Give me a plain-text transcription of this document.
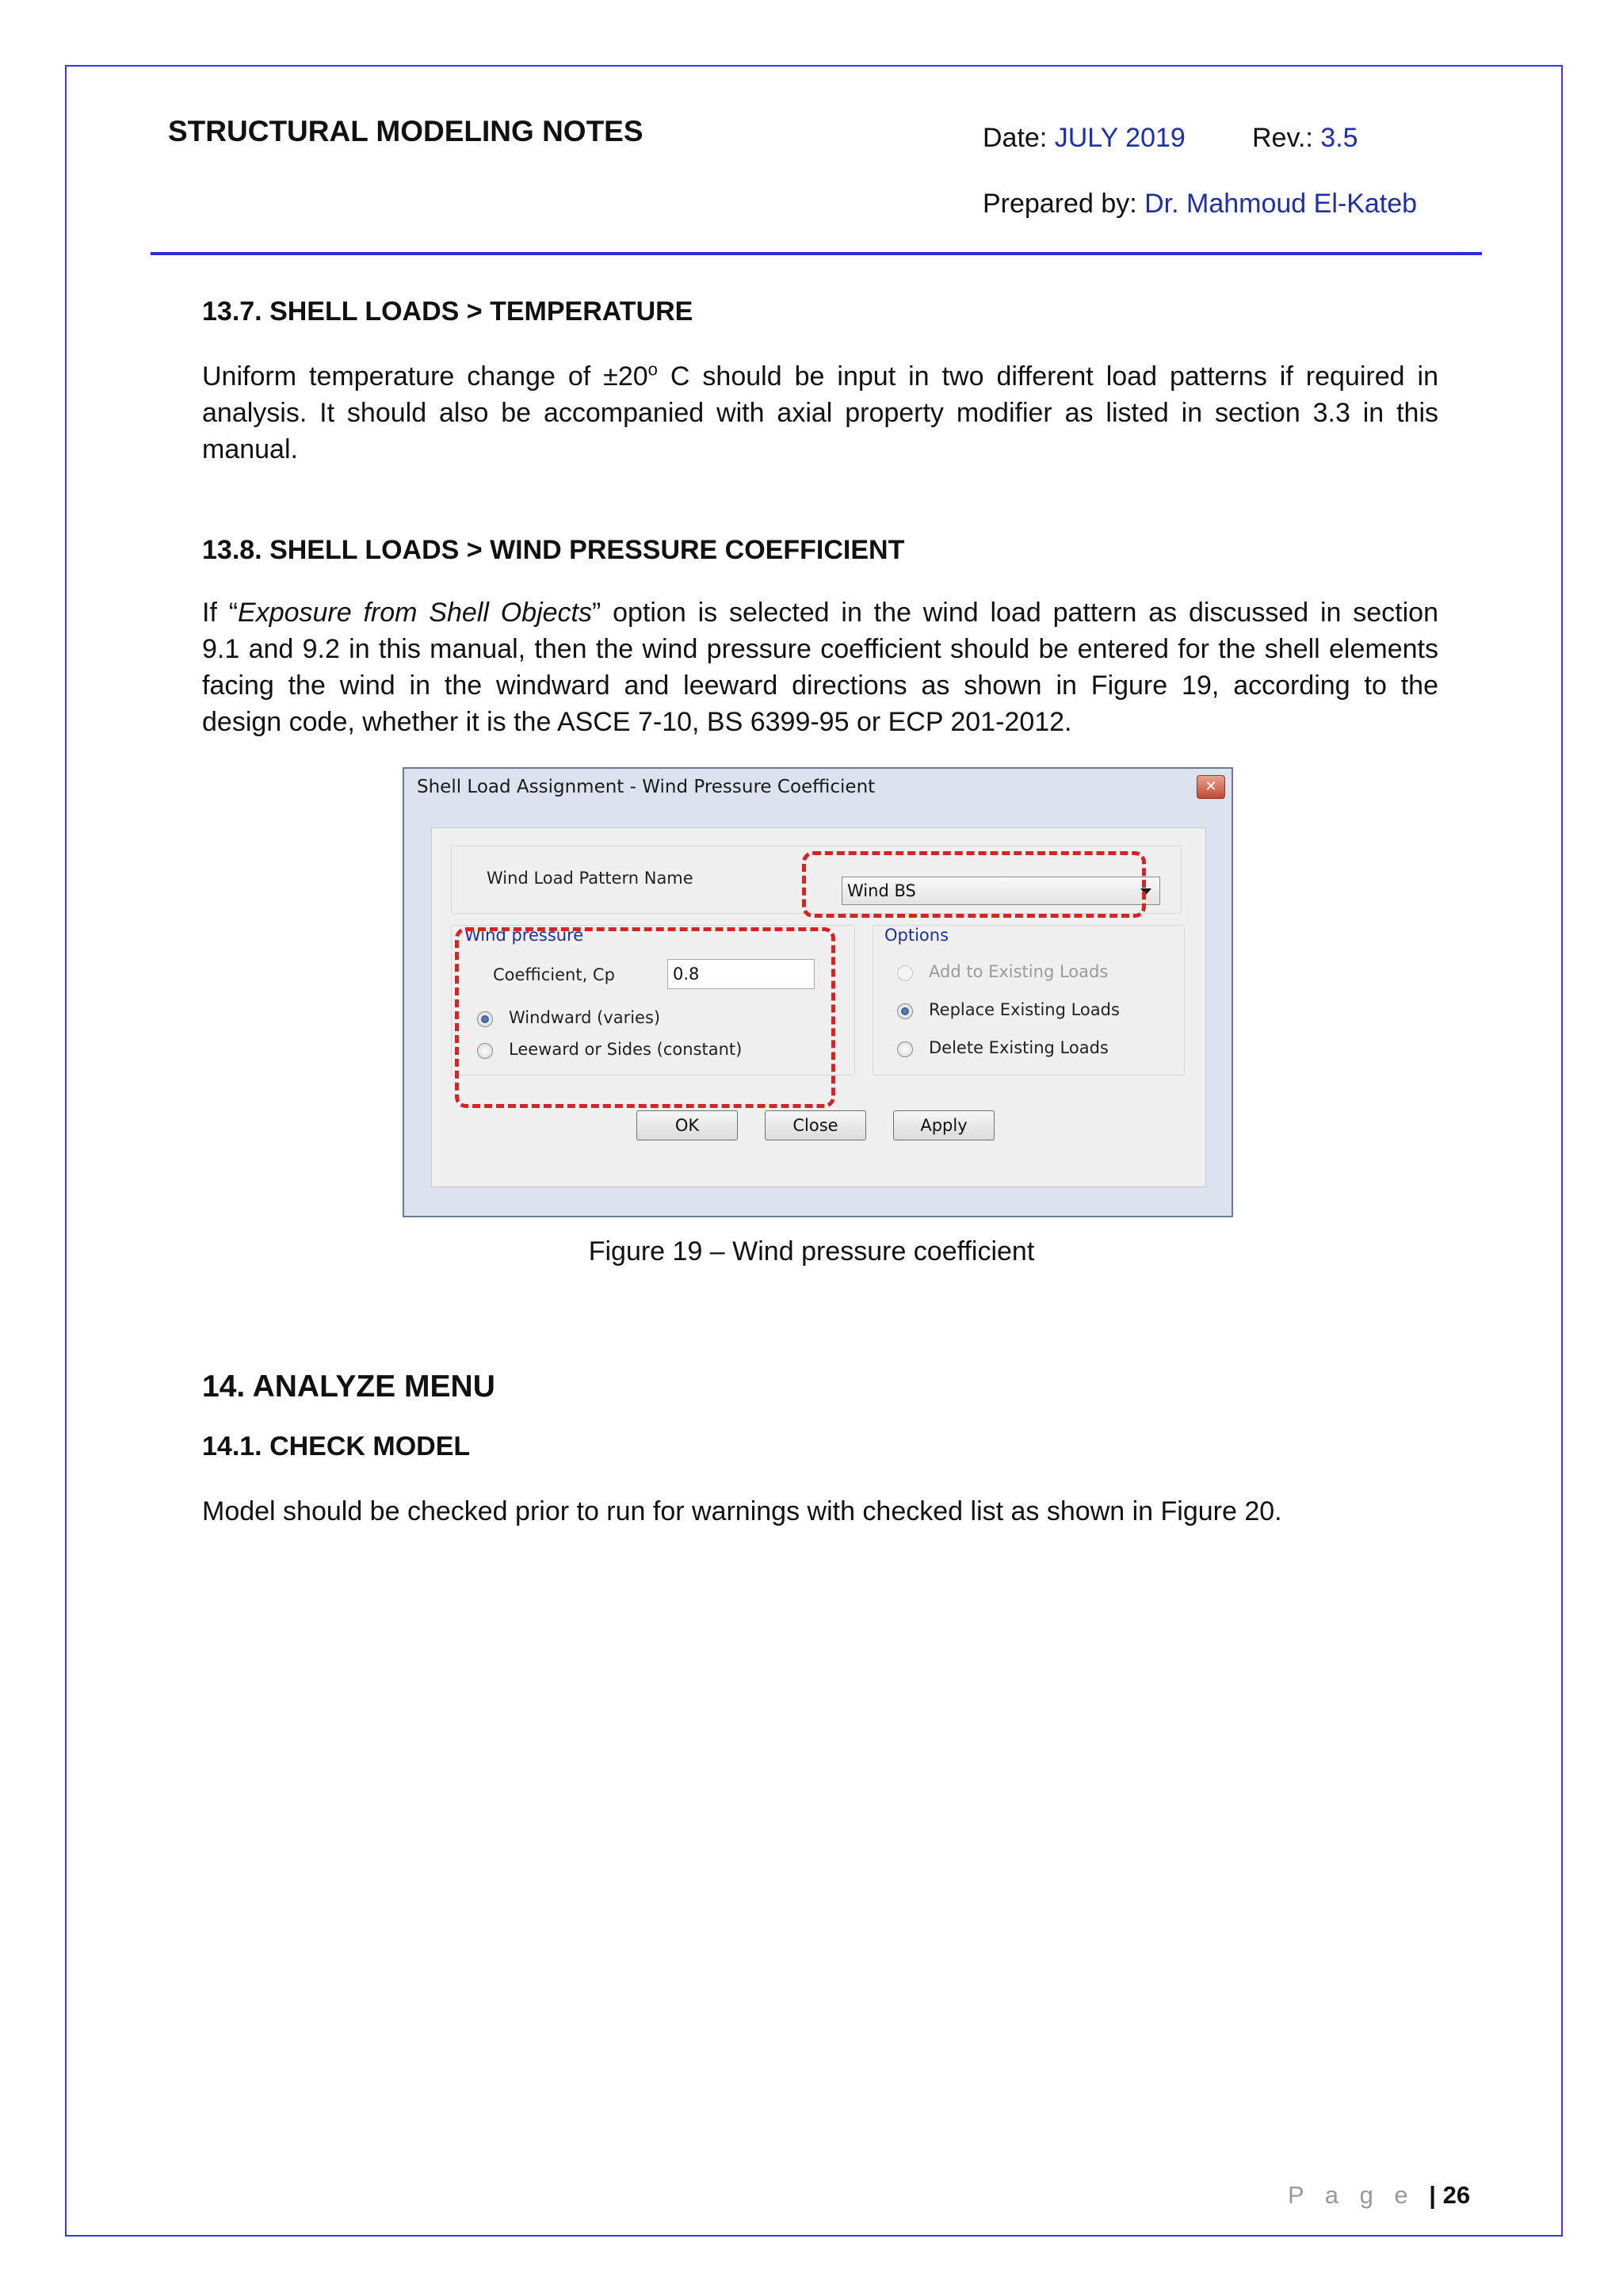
STRUCTURAL MODELING NOTES	Date: JULY 2019 Rev.: 3.5
Prepared by: Dr. Mahmoud El-Kateb
13.7. SHELL LOADS > TEMPERATURE
Uniform temperature change of $\pm 20^o$ C should be input in two different load patterns if required in
analysis. It should also be accompanied with axial property modifier as listed in section 3.3 in this
manual.
13.8. SHELL LOADS > WIND PRESSURE COEFFICIENT
If “Exposure from Shell Objects” option is selected in the wind load pattern as discussed in section
9.1 and 9.2 in this manual, then the wind pressure coefficient should be entered for the shell elements
facing the wind in the windward and leeward directions as shown in Figure 19, according to the
design code, whether it is the ASCE 7-10, BS 6399-95 or ECP 201-2012.
Shell Load Assignment - Wind Pressure Coefficient	✕
Wind Load Pattern Name
Wind BS
Wind pressure
Coefficient, Cp	0.8
Windward (varies)
Leeward or Sides (constant)
Options
Add to Existing Loads
Replace Existing Loads
Delete Existing Loads
OK	Close	Apply
Figure 19 – Wind pressure coefficient
14. ANALYZE MENU
14.1. CHECK MODEL
Model should be checked prior to run for warnings with checked list as shown in Figure 20.
P a g e | 26
